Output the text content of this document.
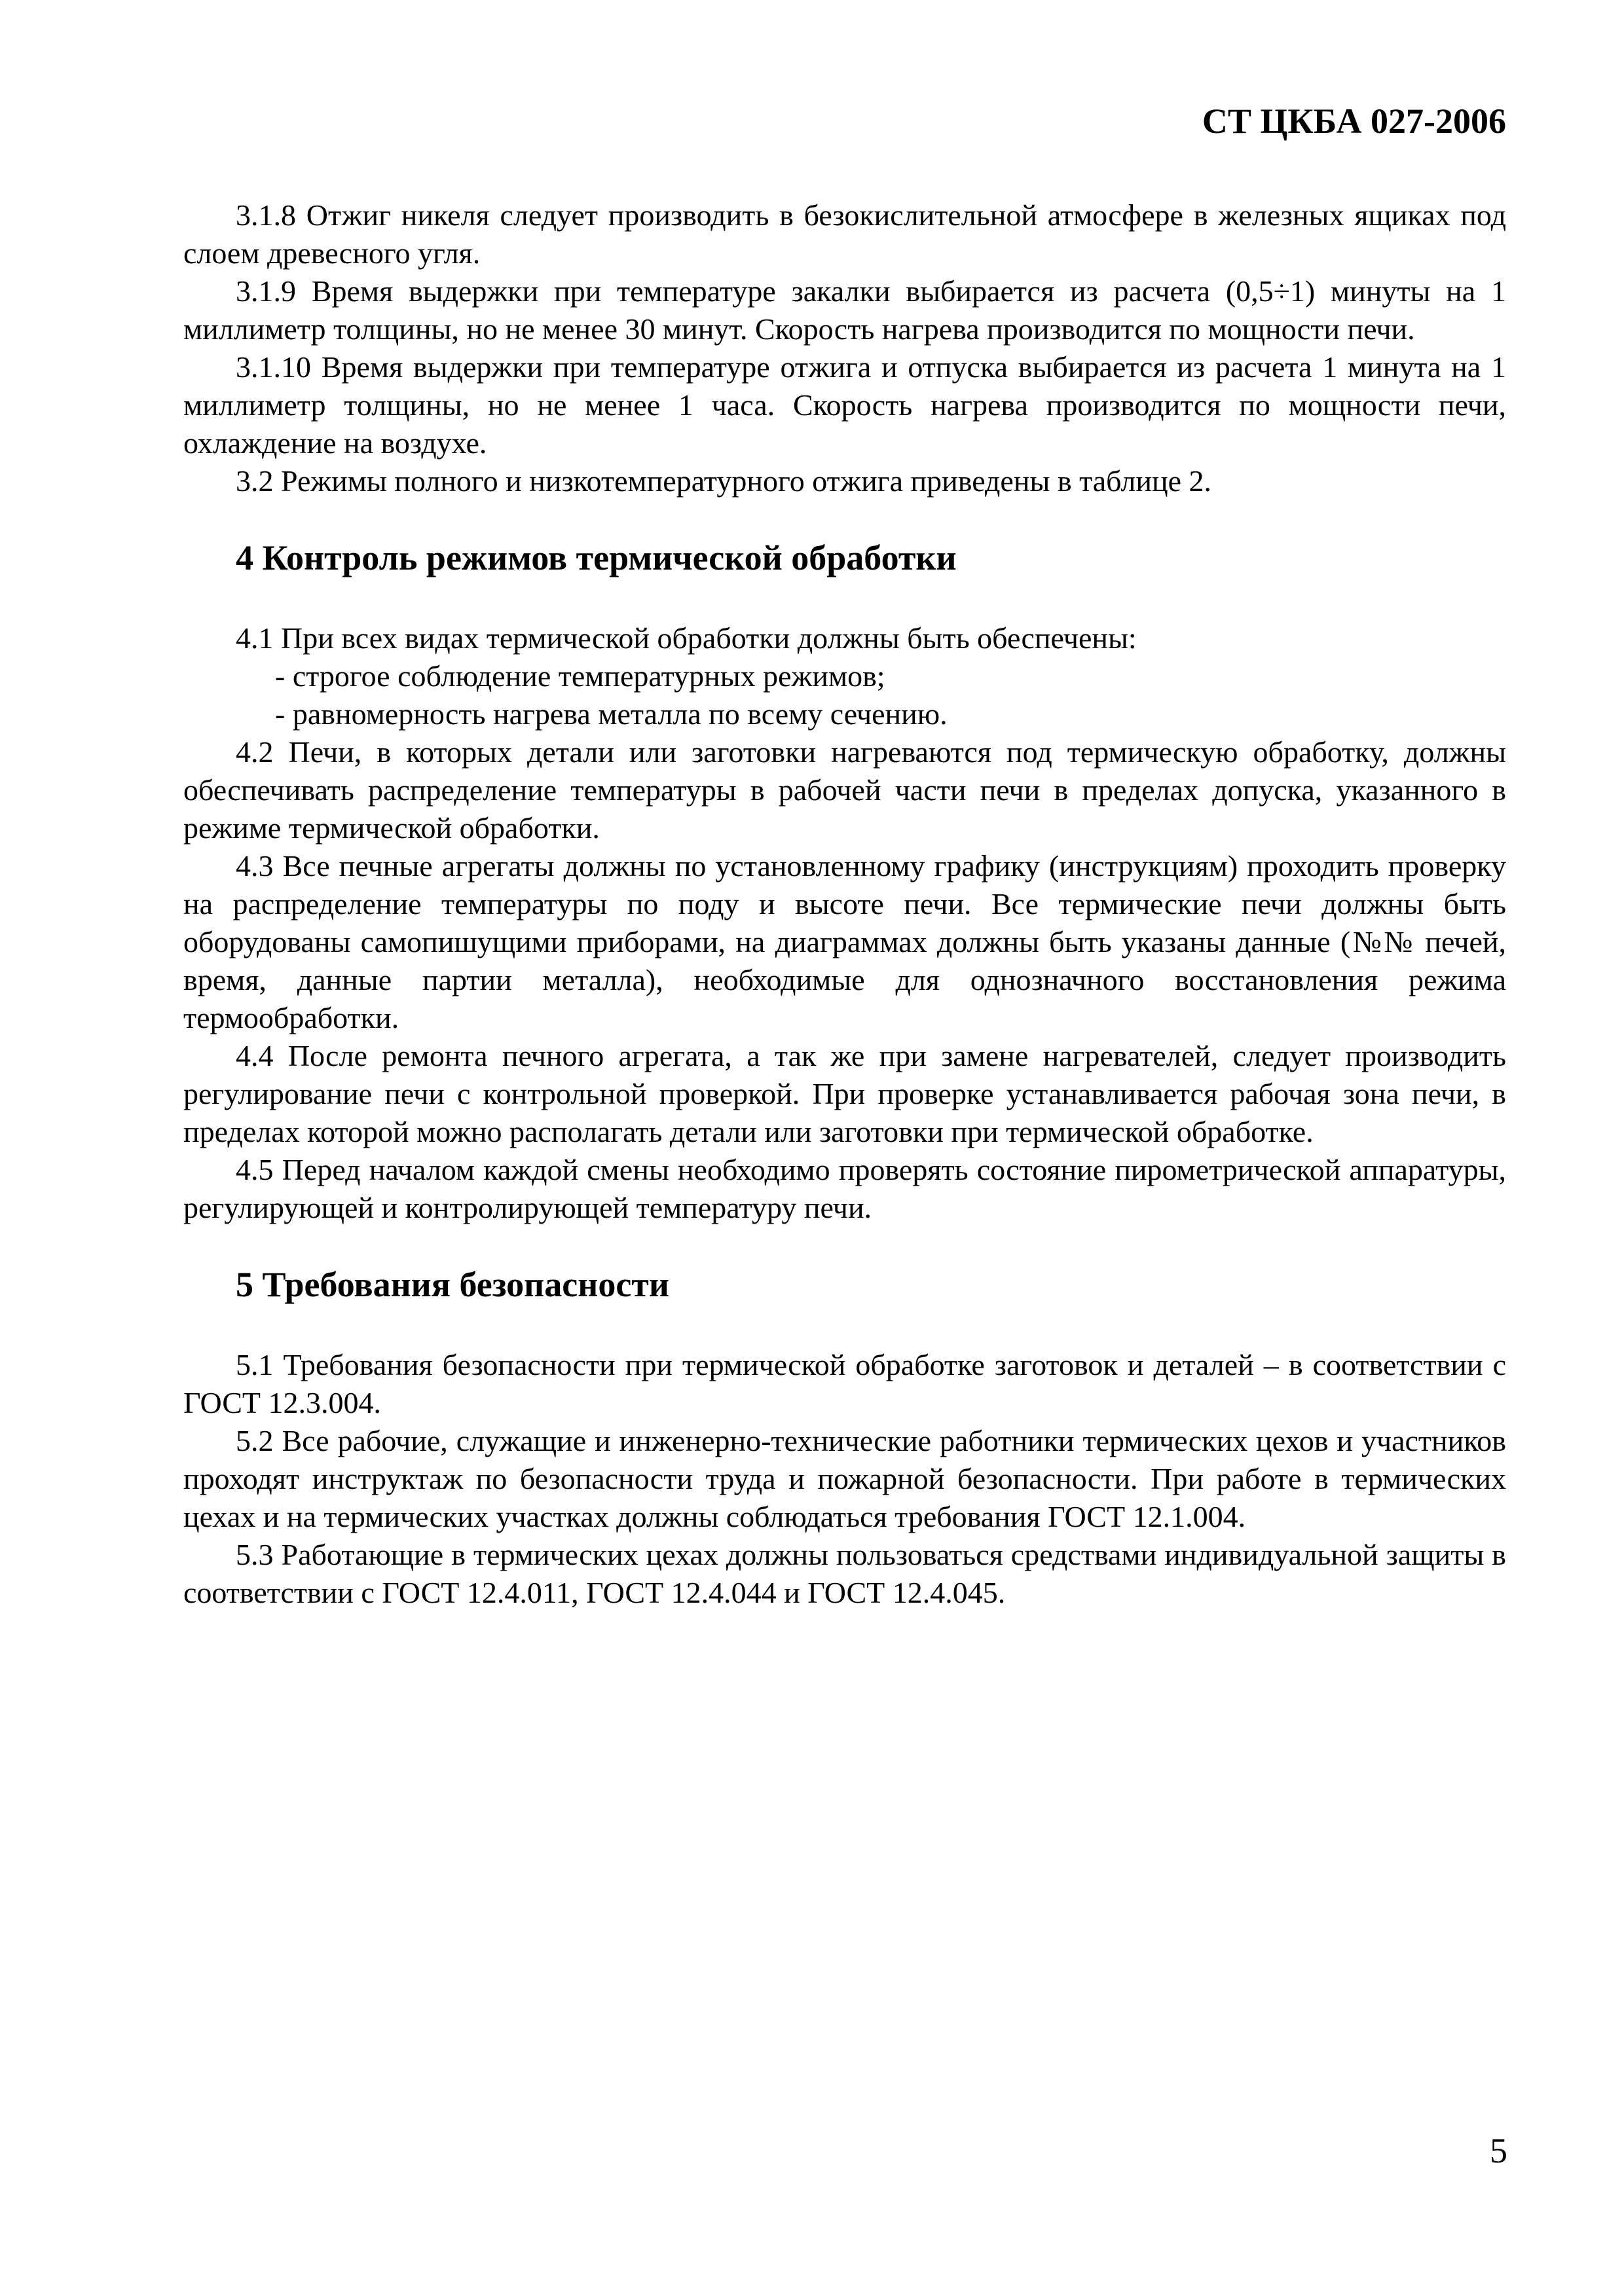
СТ ЦКБА 027-2006

3.1.8 Отжиг никеля следует производить в безокислительной атмосфере в железных ящиках под слоем древесного угля.

3.1.9 Время выдержки при температуре закалки выбирается из расчета (0,5÷1) минуты на 1 миллиметр толщины, но не менее 30 минут. Скорость нагрева производится по мощности печи.

3.1.10 Время выдержки при температуре отжига и отпуска выбирается из расчета 1 минута на 1 миллиметр толщины, но не менее 1 часа. Скорость нагрева производится по мощности печи, охлаждение на воздухе.

3.2 Режимы полного и низкотемпературного отжига приведены в таблице 2.

4 Контроль режимов термической обработки

4.1 При всех видах термической обработки должны быть обеспечены:

- строгое соблюдение температурных режимов;

- равномерность нагрева металла по всему сечению.

4.2 Печи, в которых детали или заготовки нагреваются под термическую обработку, должны обеспечивать распределение температуры в рабочей части печи в пределах допуска, указанного в режиме термической обработки.

4.3 Все печные агрегаты должны по установленному графику (инструкциям) проходить проверку на распределение температуры по поду и высоте печи. Все термические печи должны быть оборудованы самопишущими приборами, на диаграммах должны быть указаны данные (№№ печей, время, данные партии металла), необходимые для однозначного восстановления режима термообработки.

4.4 После ремонта печного агрегата, а так же при замене нагревателей, следует производить регулирование печи с контрольной проверкой. При проверке устанавливается рабочая зона печи, в пределах которой можно располагать детали или заготовки при термической обработке.

4.5 Перед началом каждой смены необходимо проверять состояние пирометрической аппаратуры, регулирующей и контролирующей температуру печи.

5 Требования безопасности

5.1 Требования безопасности при термической обработке заготовок и деталей – в соответствии с ГОСТ 12.3.004.

5.2 Все рабочие, служащие и инженерно-технические работники термических цехов и участников проходят инструктаж по безопасности труда и пожарной безопасности. При работе в термических цехах и на термических участках должны соблюдаться требования ГОСТ 12.1.004.

5.3 Работающие в термических цехах должны пользоваться средствами индивидуальной защиты в соответствии с ГОСТ 12.4.011, ГОСТ 12.4.044 и ГОСТ 12.4.045.

5
